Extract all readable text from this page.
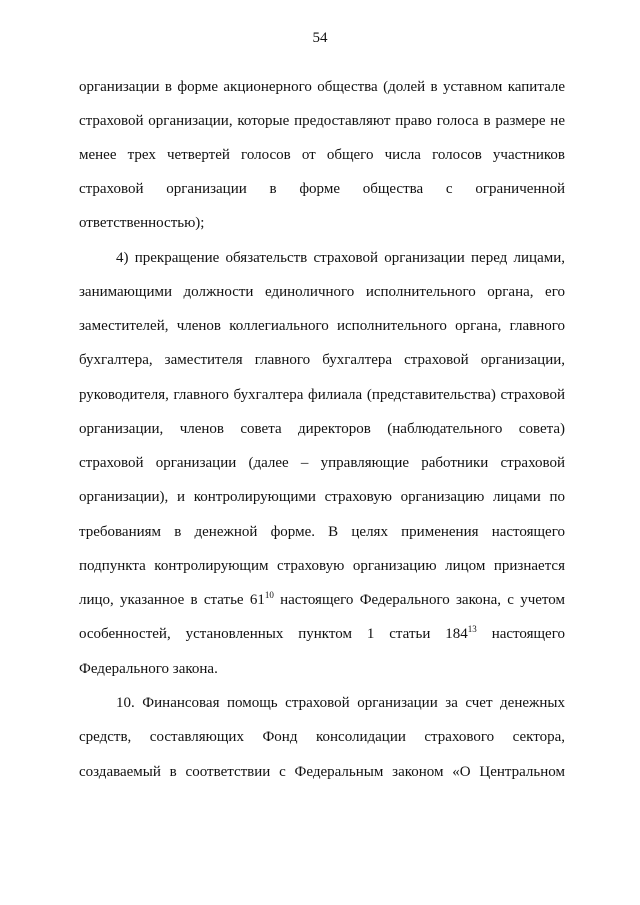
54
организации в форме акционерного общества (долей в уставном капитале
страховой организации, которые предоставляют право голоса в размере не
менее трех четвертей голосов от общего числа голосов участников
страховой организации в форме общества с ограниченной
ответственностью);
4) прекращение обязательств страховой организации перед лицами,
занимающими должности единоличного исполнительного органа, его
заместителей, членов коллегиального исполнительного органа, главного
бухгалтера, заместителя главного бухгалтера страховой организации,
руководителя, главного бухгалтера филиала (представительства) страховой
организации, членов совета директоров (наблюдательного совета)
страховой организации (далее – управляющие работники страховой
организации), и контролирующими страховую организацию лицами по
требованиям в денежной форме. В целях применения настоящего
подпункта контролирующим страховую организацию лицом признается
лицо, указанное в статье $61^{10}$ настоящего Федерального закона, с учетом
особенностей, установленных пунктом 1 статьи $184^{13}$ настоящего
Федерального закона.
10. Финансовая помощь страховой организации за счет денежных
средств, составляющих Фонд консолидации страхового сектора,
создаваемый в соответствии с Федеральным законом «О Центральном
